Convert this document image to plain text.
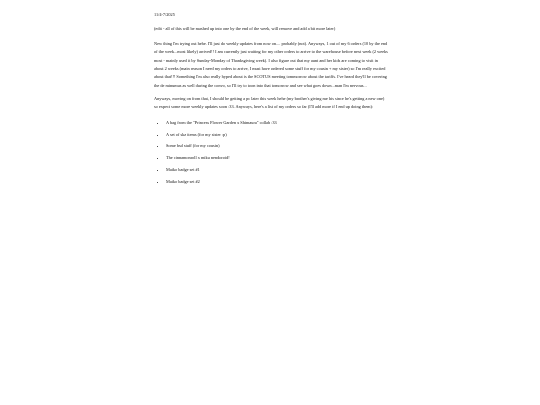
11/4-7/2025

(edit - all of this will be mashed up into one by the end of the week, will remove and add a bit more later)

New thing I'm trying out hehe. I'll just do weekly updates from now on.... probably (not). Anyways, 1 out of my 6 orders (10 by the end of the week...most likely) arrived!! I am currently just waiting for my other orders to arrive to the warehouse before next week (2 weeks most - mainly used it by Sunday-Monday of Thanksgiving week). I also figure out that my aunt and her kids are coming to visit in about 2 weeks (main reason I need my orders to arrive, I must have ordered some stuff for my cousin + my sister) so I'm really excited about that!!! Something I'm also really hyped about is the SCOTUS meeting tommorrow about the tariffs. I've heard they'll be covering the de minumus as well during the convo, so I'll try to toon into that tomorrow and see what goes down...man I'm nervous...

Anyways, moving on from that, I should be getting a pc later this week hehe (my brother's giving me his since he's getting a new one) so expect some more weekly updates soon :33. Anyways, here's a list of my orders so far (I'll add more if I end up doing them):

• A bag from the "Princess Flower Garden x Shimaura" collab :33
• A set of skz items (for my sister :p)
• Some bsd stuff (for my cousin)
• The cinnamonroll x miku nendoroid!
• Maiko badge set #1
• Maiko badge set #2
